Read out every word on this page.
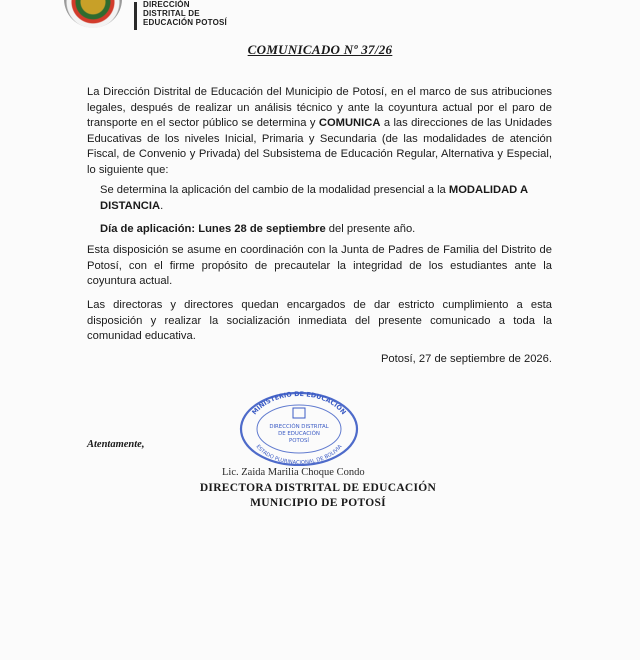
DIRECCIÓN
DISTRITAL DE
EDUCACIÓN POTOSÍ
COMUNICADO Nº 37/26
La Dirección Distrital de Educación del Municipio de Potosí, en el marco de sus atribuciones legales, después de realizar un análisis técnico y ante la coyuntura actual por el paro de transporte en el sector público se determina y COMUNICA a las direcciones de las Unidades Educativas de los niveles Inicial, Primaria y Secundaria (de las modalidades de atención Fiscal, de Convenio y Privada) del Subsistema de Educación Regular, Alternativa y Especial, lo siguiente que:
Se determina la aplicación del cambio de la modalidad presencial a la MODALIDAD A DISTANCIA.
Día de aplicación: Lunes 28 de septiembre del presente año.
Esta disposición se asume en coordinación con la Junta de Padres de Familia del Distrito de Potosí, con el firme propósito de precautelar la integridad de los estudiantes ante la coyuntura actual.
Las directoras y directores quedan encargados de dar estricto cumplimiento a esta disposición y realizar la socialización inmediata del presente comunicado a toda la comunidad educativa.
Potosí, 27 de septiembre de 2026.
Atentamente,
MINISTERIO DE EDUCACIÓN
ESTADO PLURINACIONAL DE BOLIVIA
DIRECCIÓN DISTRITAL
DE EDUCACIÓN
POTOSÍ
Lic. Zaida Marilia Choque Condo
DIRECTORA DISTRITAL DE EDUCACIÓN
MUNICIPIO DE POTOSÍ
